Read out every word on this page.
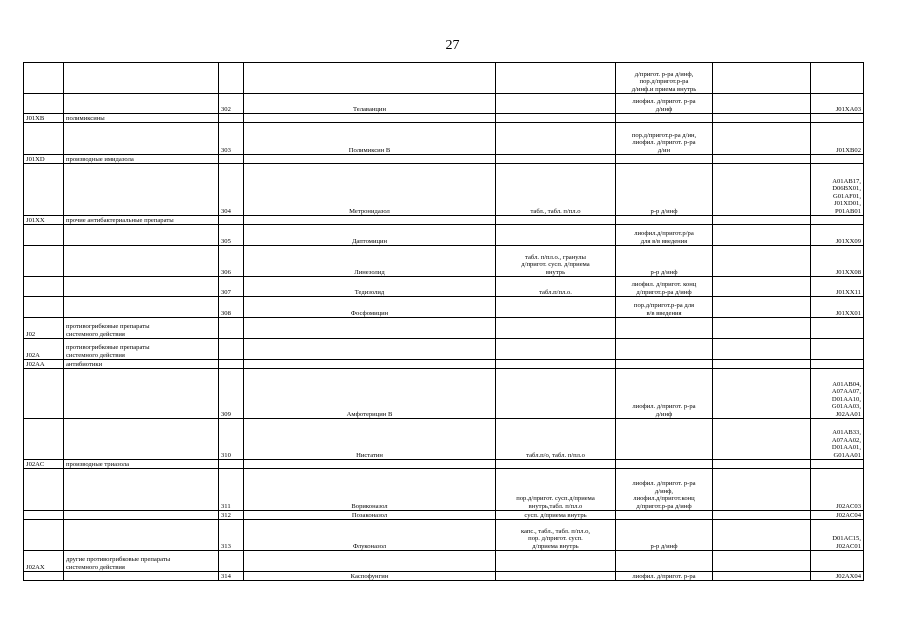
27
					д/пригот. р-ра д/инф,
пор.д/пригот.р-ра
д/инф.и приема внутрь		
		302	Телаванцин		лиофил. д/пригот. р-ра
д/инф		J01XA03
J01XB	полимиксины						
		303	Полимиксин В		пор.д/пригот.р-ра д/ин,
лиофил. д/пригот. р-ра
д/ин		J01XB02
J01XD	производные имидазола						
		304	Метронидазол	табл., табл. п/пл.о	р-р д/инф		A01AB17,
D06BX01,
G01AF01,
J01XD01,
P01AB01
J01XX	прочие антибактериальные препараты						
		305	Даптомицин		лиофил.д/пригот.р/ра
для в/в введения		J01XX09
		306	Линезолид	табл. п/пл.о., гранулы
д/пригот. сусп. д/приема
внутрь	р-р д/инф		J01XX08
		307	Тедизолид	табл.п/пл.о.	лиофил. д/пригот. конц
д/пригот.р-ра д/инф		J01XX11
		308	Фосфомицин		пор.д/пригот.р-ра для
в/в введения		J01XX01
J02	противогрибковые препараты
системного действия						
J02A	противогрибковые препараты
системного действия						
J02AA	антибиотики						
		309	Амфотерицин В		лиофил. д/пригот. р-ра
д/инф		A01AB04,
A07AA07,
D01AA10,
G01AA03,
J02AA01
		310	Нистатин	табл.п/о, табл. п/пл.о			A01AB33,
A07AA02,
D01AA01,
G01AA01
J02AC	производные триазола						
		311	Вориконазол	пор.д/пригот. сусп.д/приема
внутрь,табл. п/пл.о	лиофил. д/пригот. р-ра
д/инф,
лиофил.д/пригот.конц
д/пригот.р-ра д/инф		J02AC03
		312	Позаконазол	сусп. д/приема внутрь			J02AC04
		313	Флуконазол	капс., табл., табл. п/пл.о,
пор. д/пригот. сусп.
д/приема внутрь	р-р д/инф		D01AC15,
J02AC01
J02AX	другие противогрибковые препараты
системного действия						
		314	Каспофунгин		лиофил. д/пригот. р-ра		J02AX04
